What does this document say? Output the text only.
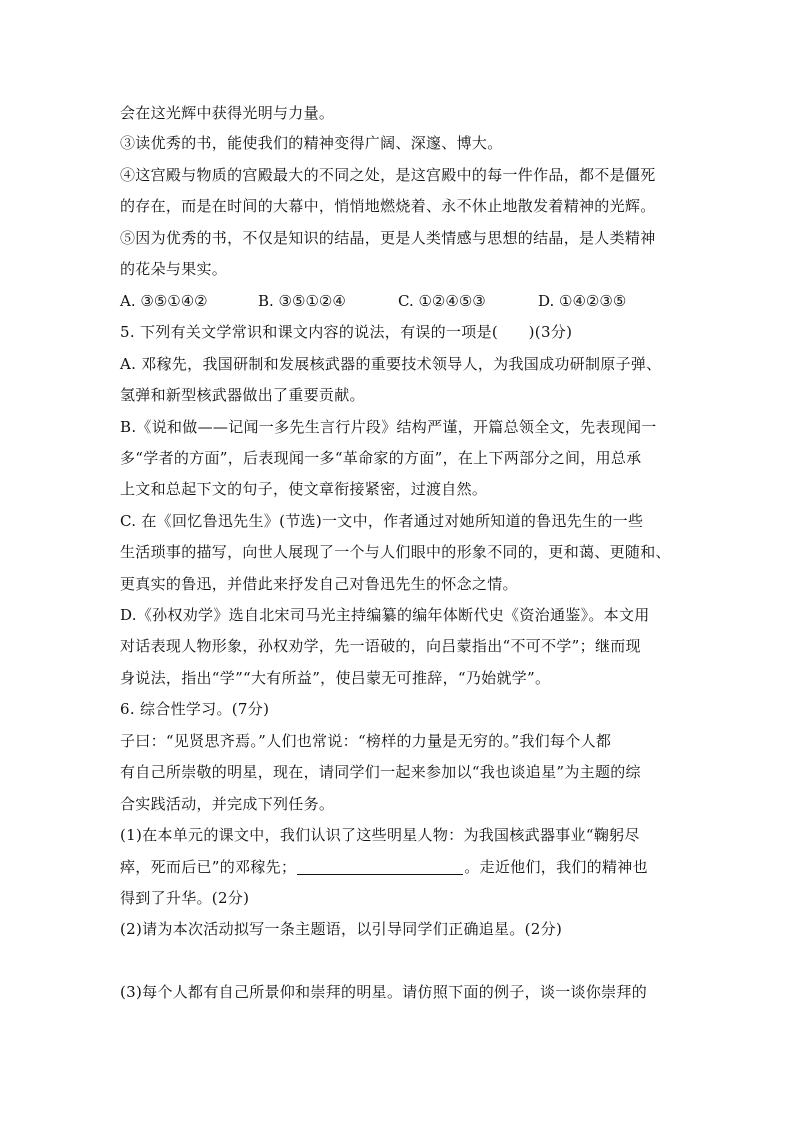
会在这光辉中获得光明与力量。
③读优秀的书，能使我们的精神变得广阔、深邃、博大。
④这宫殿与物质的宫殿最大的不同之处，是这宫殿中的每一件作品，都不是僵死
的存在，而是在时间的大幕中，悄悄地燃烧着、永不休止地散发着精神的光辉。
⑤因为优秀的书，不仅是知识的结晶，更是人类情感与思想的结晶，是人类精神
的花朵与果实。
A. ③⑤①④②	B. ③⑤①②④	C. ①②④⑤③	D. ①④②③⑤
5. 下列有关文学常识和课文内容的说法，有误的一项是(　　)(3分)
A. 邓稼先，我国研制和发展核武器的重要技术领导人，为我国成功研制原子弹、
氢弹和新型核武器做出了重要贡献。
B.《说和做——记闻一多先生言行片段》结构严谨，开篇总领全文，先表现闻一
多“学者的方面”，后表现闻一多“革命家的方面”，在上下两部分之间，用总承
上文和总起下文的句子，使文章衔接紧密，过渡自然。
C. 在《回忆鲁迅先生》(节选)一文中，作者通过对她所知道的鲁迅先生的一些
生活琐事的描写，向世人展现了一个与人们眼中的形象不同的，更和蔼、更随和、
更真实的鲁迅，并借此来抒发自己对鲁迅先生的怀念之情。
D.《孙权劝学》选自北宋司马光主持编纂的编年体断代史《资治通鉴》。本文用
对话表现人物形象，孙权劝学，先一语破的，向吕蒙指出“不可不学”；继而现
身说法，指出“学”“大有所益”，使吕蒙无可推辞，“乃始就学”。
6. 综合性学习。(7分)
子曰：“见贤思齐焉。”人们也常说：“榜样的力量是无穷的。”我们每个人都
有自己所崇敬的明星，现在，请同学们一起来参加以“我也谈追星”为主题的综
合实践活动，并完成下列任务。
(1)在本单元的课文中，我们认识了这些明星人物：为我国核武器事业“鞠躬尽
瘁，死而后已”的邓稼先；	。走近他们，我们的精神也
得到了升华。(2分)
(2)请为本次活动拟写一条主题语，以引导同学们正确追星。(2分)
(3)每个人都有自己所景仰和崇拜的明星。请仿照下面的例子，谈一谈你崇拜的
